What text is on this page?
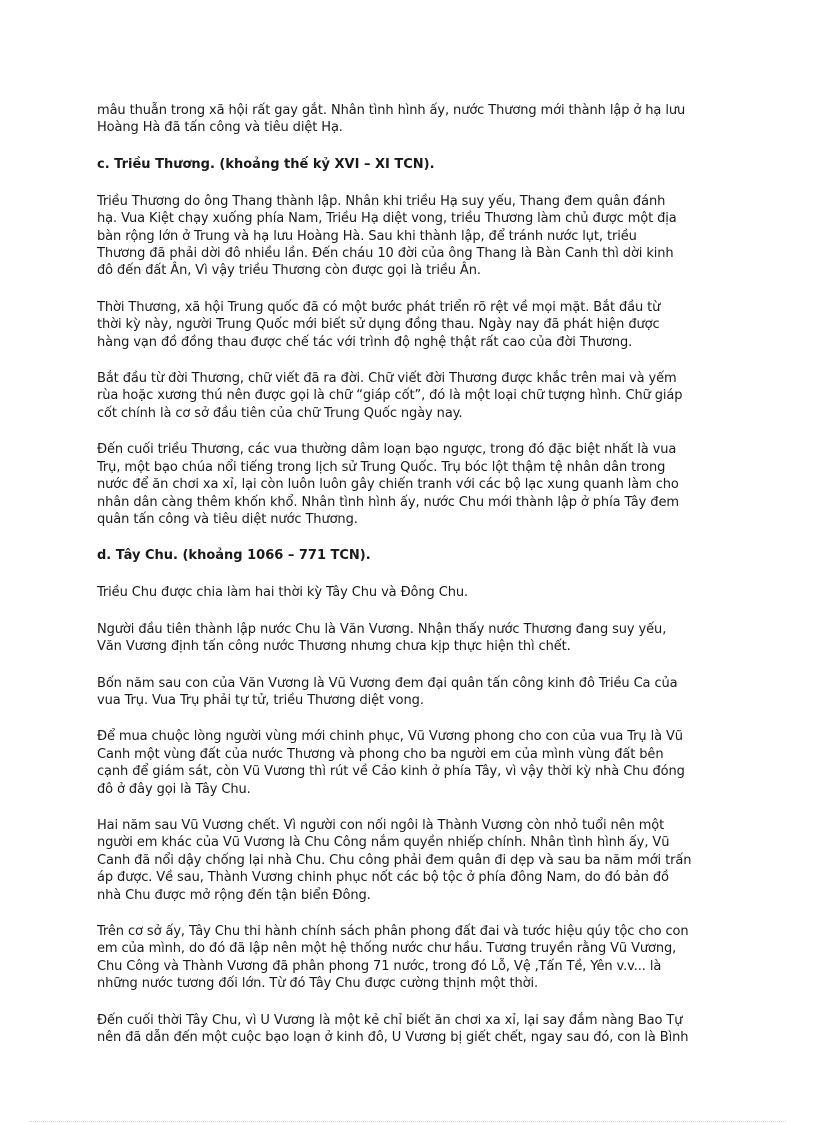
mâu thuẫn trong xã hội rất gay gắt. Nhân tình hình ấy, nước Thương mới thành lập ở hạ lưu
Hoàng Hà đã tấn công và tiêu diệt Hạ.

c. Triều Thương. (khoảng thế kỷ XVI – XI TCN).

Triều Thương do ông Thang thành lập. Nhân khi triều Hạ suy yếu, Thang đem quân đánh
hạ. Vua Kiệt chạy xuống phía Nam, Triều Hạ diệt vong, triều Thương làm chủ được một địa
bàn rộng lớn ở Trung và hạ lưu Hoàng Hà. Sau khi thành lập, để tránh nước lụt, triều
Thương đã phải dời đô nhiều lần. Đến cháu 10 đời của ông Thang là Bàn Canh thì dời kinh
đô đến đất Ân, Vì vậy triều Thương còn được gọi là triều Ân.

Thời Thương, xã hội Trung quốc đã có một bước phát triển rõ rệt về mọi mặt. Bắt đầu từ
thời kỳ này, người Trung Quốc mới biết sử dụng đồng thau. Ngày nay đã phát hiện được
hàng vạn đồ đồng thau được chế tác với trình độ nghệ thật rất cao của đời Thương.

Bắt đầu từ đời Thương, chữ viết đã ra đời. Chữ viết đời Thương được khắc trên mai và yếm
rùa hoặc xương thú nên được gọi là chữ “giáp cốt”, đó là một loại chữ tượng hình. Chữ giáp
cốt chính là cơ sở đầu tiên của chữ Trung Quốc ngày nay.

Đến cuối triều Thương, các vua thường dâm loạn bạo ngược, trong đó đặc biệt nhất là vua
Trụ, một bạo chúa nổi tiếng trong lịch sử Trung Quốc. Trụ bóc lột thậm tệ nhân dân trong
nước để ăn chơi xa xỉ, lại còn luôn luôn gây chiến tranh với các bộ lạc xung quanh làm cho
nhân dân càng thêm khốn khổ. Nhân tình hình ấy, nước Chu mới thành lập ở phía Tây đem
quân tấn công và tiêu diệt nước Thương.

d. Tây Chu. (khoảng 1066 – 771 TCN).

Triều Chu được chia làm hai thời kỳ Tây Chu và Đông Chu.

Người đầu tiên thành lập nước Chu là Văn Vương. Nhận thấy nước Thương đang suy yếu,
Văn Vương định tấn công nước Thương nhưng chưa kịp thực hiện thì chết.

Bốn năm sau con của Văn Vương là Vũ Vương đem đại quân tấn công kinh đô Triều Ca của
vua Trụ. Vua Trụ phải tự tử, triều Thương diệt vong.

Để mua chuộc lòng người vùng mới chinh phục, Vũ Vương phong cho con của vua Trụ là Vũ
Canh một vùng đất của nước Thương và phong cho ba người em của mình vùng đất bên
cạnh để giám sát, còn Vũ Vương thì rút về Cảo kinh ở phía Tây, vì vậy thời kỳ nhà Chu đóng
đô ở đây gọi là Tây Chu.

Hai năm sau Vũ Vương chết. Vì người con nối ngôi là Thành Vương còn nhỏ tuổi nên một
người em khác của Vũ Vương là Chu Công nắm quyền nhiếp chính. Nhân tình hình ấy, Vũ
Canh đã nổi dậy chống lại nhà Chu. Chu công phải đem quân đi dẹp và sau ba năm mới trấn
áp được. Về sau, Thành Vương chinh phục nốt các bộ tộc ở phía đông Nam, do đó bản đồ
nhà Chu được mở rộng đến tận biển Đông.

Trên cơ sở ấy, Tây Chu thi hành chính sách phân phong đất đai và tước hiệu qúy tộc cho con
em của mình, do đó đã lập nên một hệ thống nước chư hầu. Tương truyền rằng Vũ Vương,
Chu Công và Thành Vương đã phân phong 71 nước, trong đó Lỗ, Vệ ,Tấn Tề, Yên v.v... là
những nước tương đối lớn. Từ đó Tây Chu được cường thịnh một thời.

Đến cuối thời Tây Chu, vì U Vương là một kẻ chỉ biết ăn chơi xa xỉ, lại say đắm nàng Bao Tự
nên đã dẫn đến một cuộc bạo loạn ở kinh đô, U Vương bị giết chết, ngay sau đó, con là Bình
